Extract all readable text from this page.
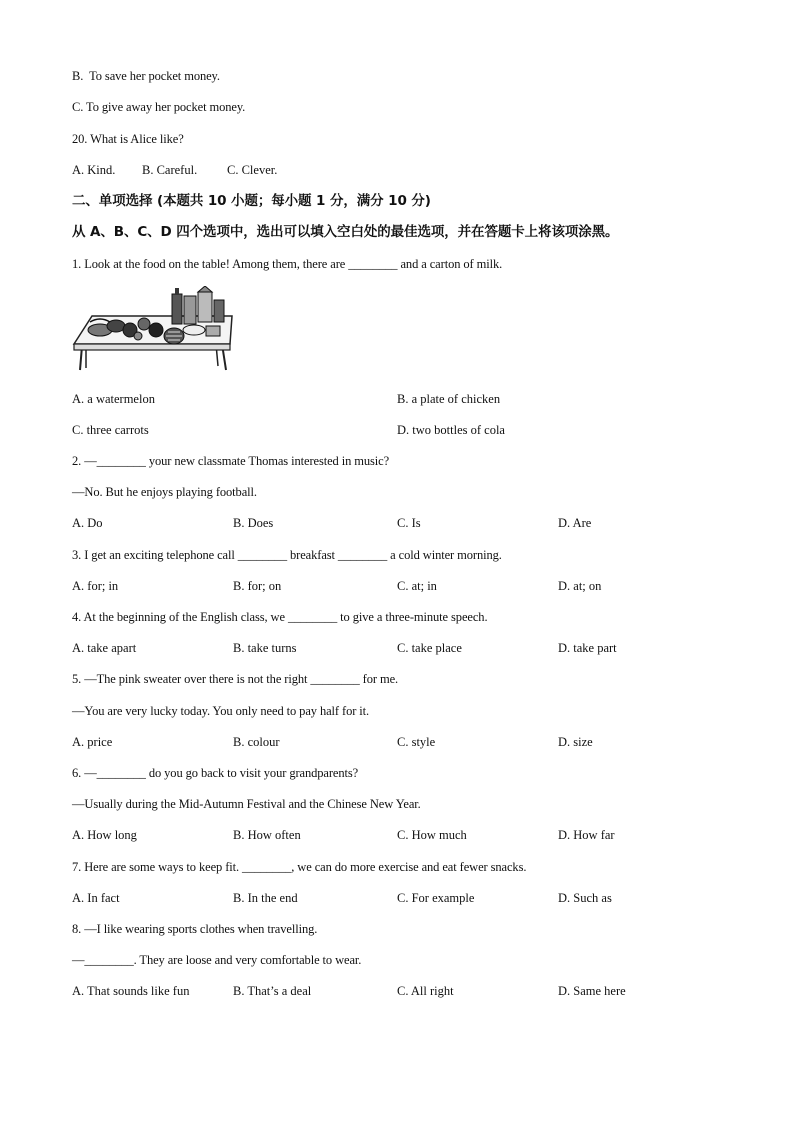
B.  To save her pocket money.
C. To give away her pocket money.
20. What is Alice like?
A. Kind. B. Careful. C. Clever.
二、单项选择 (本题共 10 小题；每小题 1 分，满分 10 分)
从 A、B、C、D 四个选项中，选出可以填入空白处的最佳选项，并在答题卡上将该项涂黑。
1. Look at the food on the table! Among them, there are ________ and a carton of milk.
A. a watermelon	B. a plate of chicken
C. three carrots	D. two bottles of cola
2. —________ your new classmate Thomas interested in music?
—No. But he enjoys playing football.
A. Do	B. Does	C. Is	D. Are
3. I get an exciting telephone call ________ breakfast ________ a cold winter morning.
A. for; in	B. for; on	C. at; in	D. at; on
4. At the beginning of the English class, we ________ to give a three-minute speech.
A. take apart	B. take turns	C. take place	D. take part
5. —The pink sweater over there is not the right ________ for me.
—You are very lucky today. You only need to pay half for it.
A. price	B. colour	C. style	D. size
6. —________ do you go back to visit your grandparents?
—Usually during the Mid-Autumn Festival and the Chinese New Year.
A. How long	B. How often	C. How much	D. How far
7. Here are some ways to keep fit. ________, we can do more exercise and eat fewer snacks.
A. In fact	B. In the end	C. For example	D. Such as
8. —I like wearing sports clothes when travelling.
—________. They are loose and very comfortable to wear.
A. That sounds like fun	B. That’s a deal	C. All right	D. Same here
